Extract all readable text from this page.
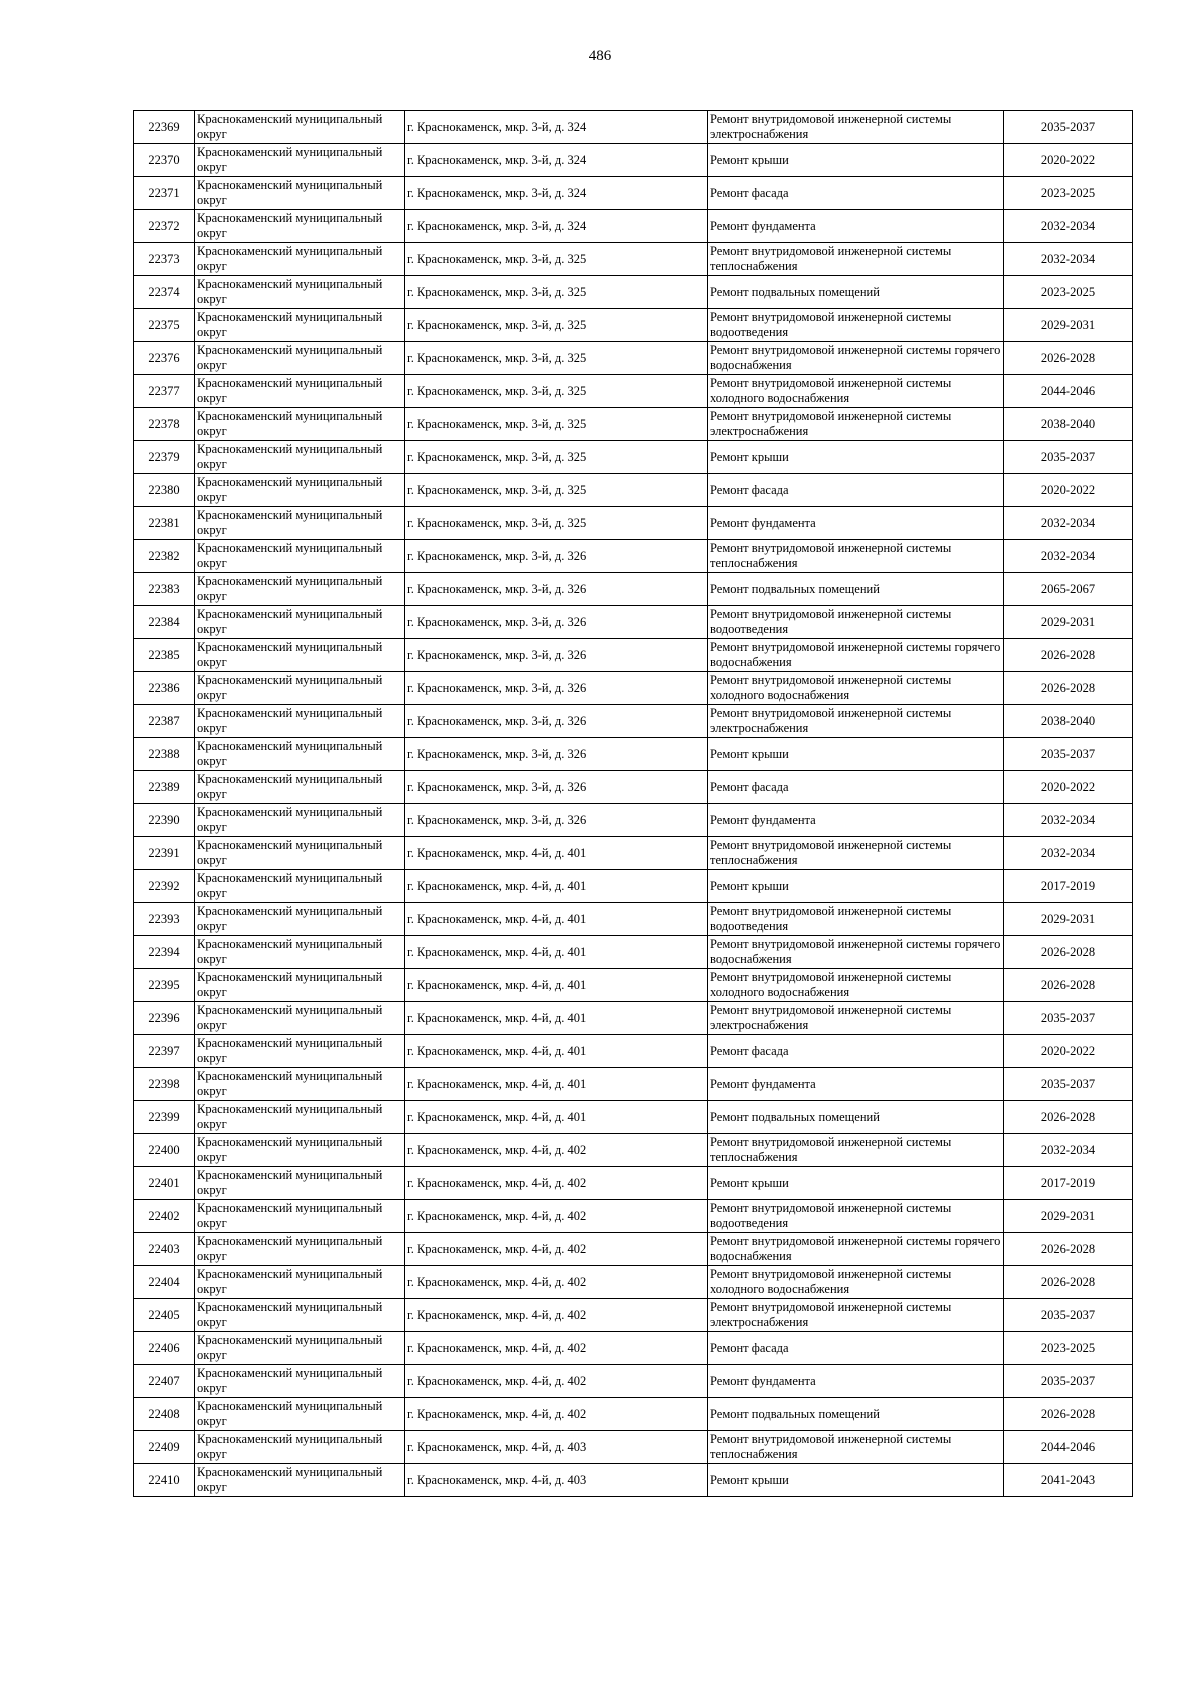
486
22369	Краснокаменский муниципальный округ	г. Краснокаменск, мкр. 3-й, д. 324	Ремонт внутридомовой инженерной системы электроснабжения	2035-2037
22370	Краснокаменский муниципальный округ	г. Краснокаменск, мкр. 3-й, д. 324	Ремонт крыши	2020-2022
22371	Краснокаменский муниципальный округ	г. Краснокаменск, мкр. 3-й, д. 324	Ремонт фасада	2023-2025
22372	Краснокаменский муниципальный округ	г. Краснокаменск, мкр. 3-й, д. 324	Ремонт фундамента	2032-2034
22373	Краснокаменский муниципальный округ	г. Краснокаменск, мкр. 3-й, д. 325	Ремонт внутридомовой инженерной системы теплоснабжения	2032-2034
22374	Краснокаменский муниципальный округ	г. Краснокаменск, мкр. 3-й, д. 325	Ремонт подвальных помещений	2023-2025
22375	Краснокаменский муниципальный округ	г. Краснокаменск, мкр. 3-й, д. 325	Ремонт внутридомовой инженерной системы водоотведения	2029-2031
22376	Краснокаменский муниципальный округ	г. Краснокаменск, мкр. 3-й, д. 325	Ремонт внутридомовой инженерной системы горячего водоснабжения	2026-2028
22377	Краснокаменский муниципальный округ	г. Краснокаменск, мкр. 3-й, д. 325	Ремонт внутридомовой инженерной системы холодного водоснабжения	2044-2046
22378	Краснокаменский муниципальный округ	г. Краснокаменск, мкр. 3-й, д. 325	Ремонт внутридомовой инженерной системы электроснабжения	2038-2040
22379	Краснокаменский муниципальный округ	г. Краснокаменск, мкр. 3-й, д. 325	Ремонт крыши	2035-2037
22380	Краснокаменский муниципальный округ	г. Краснокаменск, мкр. 3-й, д. 325	Ремонт фасада	2020-2022
22381	Краснокаменский муниципальный округ	г. Краснокаменск, мкр. 3-й, д. 325	Ремонт фундамента	2032-2034
22382	Краснокаменский муниципальный округ	г. Краснокаменск, мкр. 3-й, д. 326	Ремонт внутридомовой инженерной системы теплоснабжения	2032-2034
22383	Краснокаменский муниципальный округ	г. Краснокаменск, мкр. 3-й, д. 326	Ремонт подвальных помещений	2065-2067
22384	Краснокаменский муниципальный округ	г. Краснокаменск, мкр. 3-й, д. 326	Ремонт внутридомовой инженерной системы водоотведения	2029-2031
22385	Краснокаменский муниципальный округ	г. Краснокаменск, мкр. 3-й, д. 326	Ремонт внутридомовой инженерной системы горячего водоснабжения	2026-2028
22386	Краснокаменский муниципальный округ	г. Краснокаменск, мкр. 3-й, д. 326	Ремонт внутридомовой инженерной системы холодного водоснабжения	2026-2028
22387	Краснокаменский муниципальный округ	г. Краснокаменск, мкр. 3-й, д. 326	Ремонт внутридомовой инженерной системы электроснабжения	2038-2040
22388	Краснокаменский муниципальный округ	г. Краснокаменск, мкр. 3-й, д. 326	Ремонт крыши	2035-2037
22389	Краснокаменский муниципальный округ	г. Краснокаменск, мкр. 3-й, д. 326	Ремонт фасада	2020-2022
22390	Краснокаменский муниципальный округ	г. Краснокаменск, мкр. 3-й, д. 326	Ремонт фундамента	2032-2034
22391	Краснокаменский муниципальный округ	г. Краснокаменск, мкр. 4-й, д. 401	Ремонт внутридомовой инженерной системы теплоснабжения	2032-2034
22392	Краснокаменский муниципальный округ	г. Краснокаменск, мкр. 4-й, д. 401	Ремонт крыши	2017-2019
22393	Краснокаменский муниципальный округ	г. Краснокаменск, мкр. 4-й, д. 401	Ремонт внутридомовой инженерной системы водоотведения	2029-2031
22394	Краснокаменский муниципальный округ	г. Краснокаменск, мкр. 4-й, д. 401	Ремонт внутридомовой инженерной системы горячего водоснабжения	2026-2028
22395	Краснокаменский муниципальный округ	г. Краснокаменск, мкр. 4-й, д. 401	Ремонт внутридомовой инженерной системы холодного водоснабжения	2026-2028
22396	Краснокаменский муниципальный округ	г. Краснокаменск, мкр. 4-й, д. 401	Ремонт внутридомовой инженерной системы электроснабжения	2035-2037
22397	Краснокаменский муниципальный округ	г. Краснокаменск, мкр. 4-й, д. 401	Ремонт фасада	2020-2022
22398	Краснокаменский муниципальный округ	г. Краснокаменск, мкр. 4-й, д. 401	Ремонт фундамента	2035-2037
22399	Краснокаменский муниципальный округ	г. Краснокаменск, мкр. 4-й, д. 401	Ремонт подвальных помещений	2026-2028
22400	Краснокаменский муниципальный округ	г. Краснокаменск, мкр. 4-й, д. 402	Ремонт внутридомовой инженерной системы теплоснабжения	2032-2034
22401	Краснокаменский муниципальный округ	г. Краснокаменск, мкр. 4-й, д. 402	Ремонт крыши	2017-2019
22402	Краснокаменский муниципальный округ	г. Краснокаменск, мкр. 4-й, д. 402	Ремонт внутридомовой инженерной системы водоотведения	2029-2031
22403	Краснокаменский муниципальный округ	г. Краснокаменск, мкр. 4-й, д. 402	Ремонт внутридомовой инженерной системы горячего водоснабжения	2026-2028
22404	Краснокаменский муниципальный округ	г. Краснокаменск, мкр. 4-й, д. 402	Ремонт внутридомовой инженерной системы холодного водоснабжения	2026-2028
22405	Краснокаменский муниципальный округ	г. Краснокаменск, мкр. 4-й, д. 402	Ремонт внутридомовой инженерной системы электроснабжения	2035-2037
22406	Краснокаменский муниципальный округ	г. Краснокаменск, мкр. 4-й, д. 402	Ремонт фасада	2023-2025
22407	Краснокаменский муниципальный округ	г. Краснокаменск, мкр. 4-й, д. 402	Ремонт фундамента	2035-2037
22408	Краснокаменский муниципальный округ	г. Краснокаменск, мкр. 4-й, д. 402	Ремонт подвальных помещений	2026-2028
22409	Краснокаменский муниципальный округ	г. Краснокаменск, мкр. 4-й, д. 403	Ремонт внутридомовой инженерной системы теплоснабжения	2044-2046
22410	Краснокаменский муниципальный округ	г. Краснокаменск, мкр. 4-й, д. 403	Ремонт крыши	2041-2043
